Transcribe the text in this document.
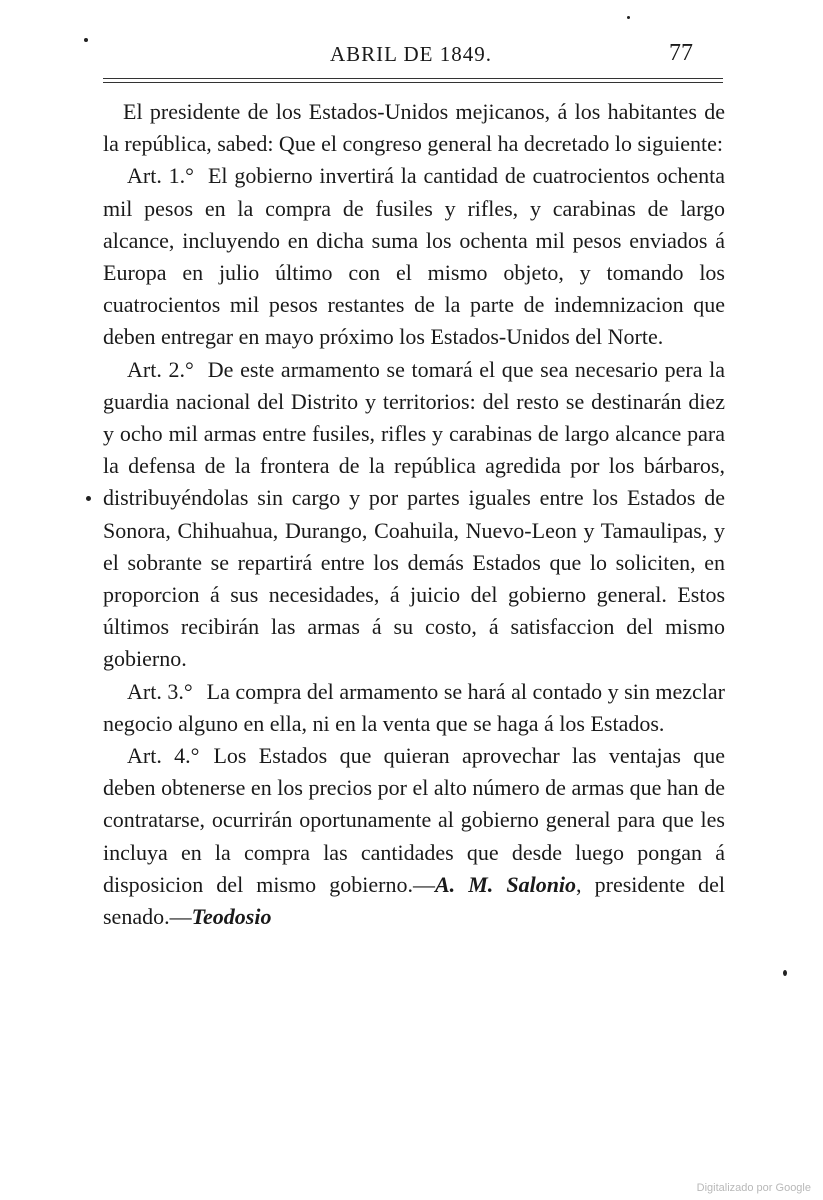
ABRIL DE 1849.	77

El presidente de los Estados-Unidos mejicanos, á los habitantes de la república, sabed: Que el congreso general ha decretado lo siguiente:

Art. 1.° El gobierno invertirá la cantidad de cuatrocientos ochenta mil pesos en la compra de fusiles y rifles, y carabinas de largo alcance, incluyendo en dicha suma los ochenta mil pesos enviados á Europa en julio último con el mismo objeto, y tomando los cuatrocientos mil pesos restantes de la parte de indemnizacion que deben entregar en mayo próximo los Estados-Unidos del Norte.

Art. 2.° De este armamento se tomará el que sea necesario pera la guardia nacional del Distrito y territorios: del resto se destinarán diez y ocho mil armas entre fusiles, rifles y carabinas de largo alcance para la defensa de la frontera de la república agredida por los bárbaros, distribuyéndolas sin cargo y por partes iguales entre los Estados de Sonora, Chihuahua, Durango, Coahuila, Nuevo-Leon y Tamaulipas, y el sobrante se repartirá entre los demás Estados que lo soliciten, en proporcion á sus necesidades, á juicio del gobierno general. Estos últimos recibirán las armas á su costo, á satisfaccion del mismo gobierno.

Art. 3.° La compra del armamento se hará al contado y sin mezclar negocio alguno en ella, ni en la venta que se haga á los Estados.

Art. 4.° Los Estados que quieran aprovechar las ventajas que deben obtenerse en los precios por el alto número de armas que han de contratarse, ocurrirán oportunamente al gobierno general para que les incluya en la compra las cantidades que desde luego pongan á disposicion del mismo gobierno.—A. M. Salonio, presidente del senado.—Teodosio

Digitalizado por Google
